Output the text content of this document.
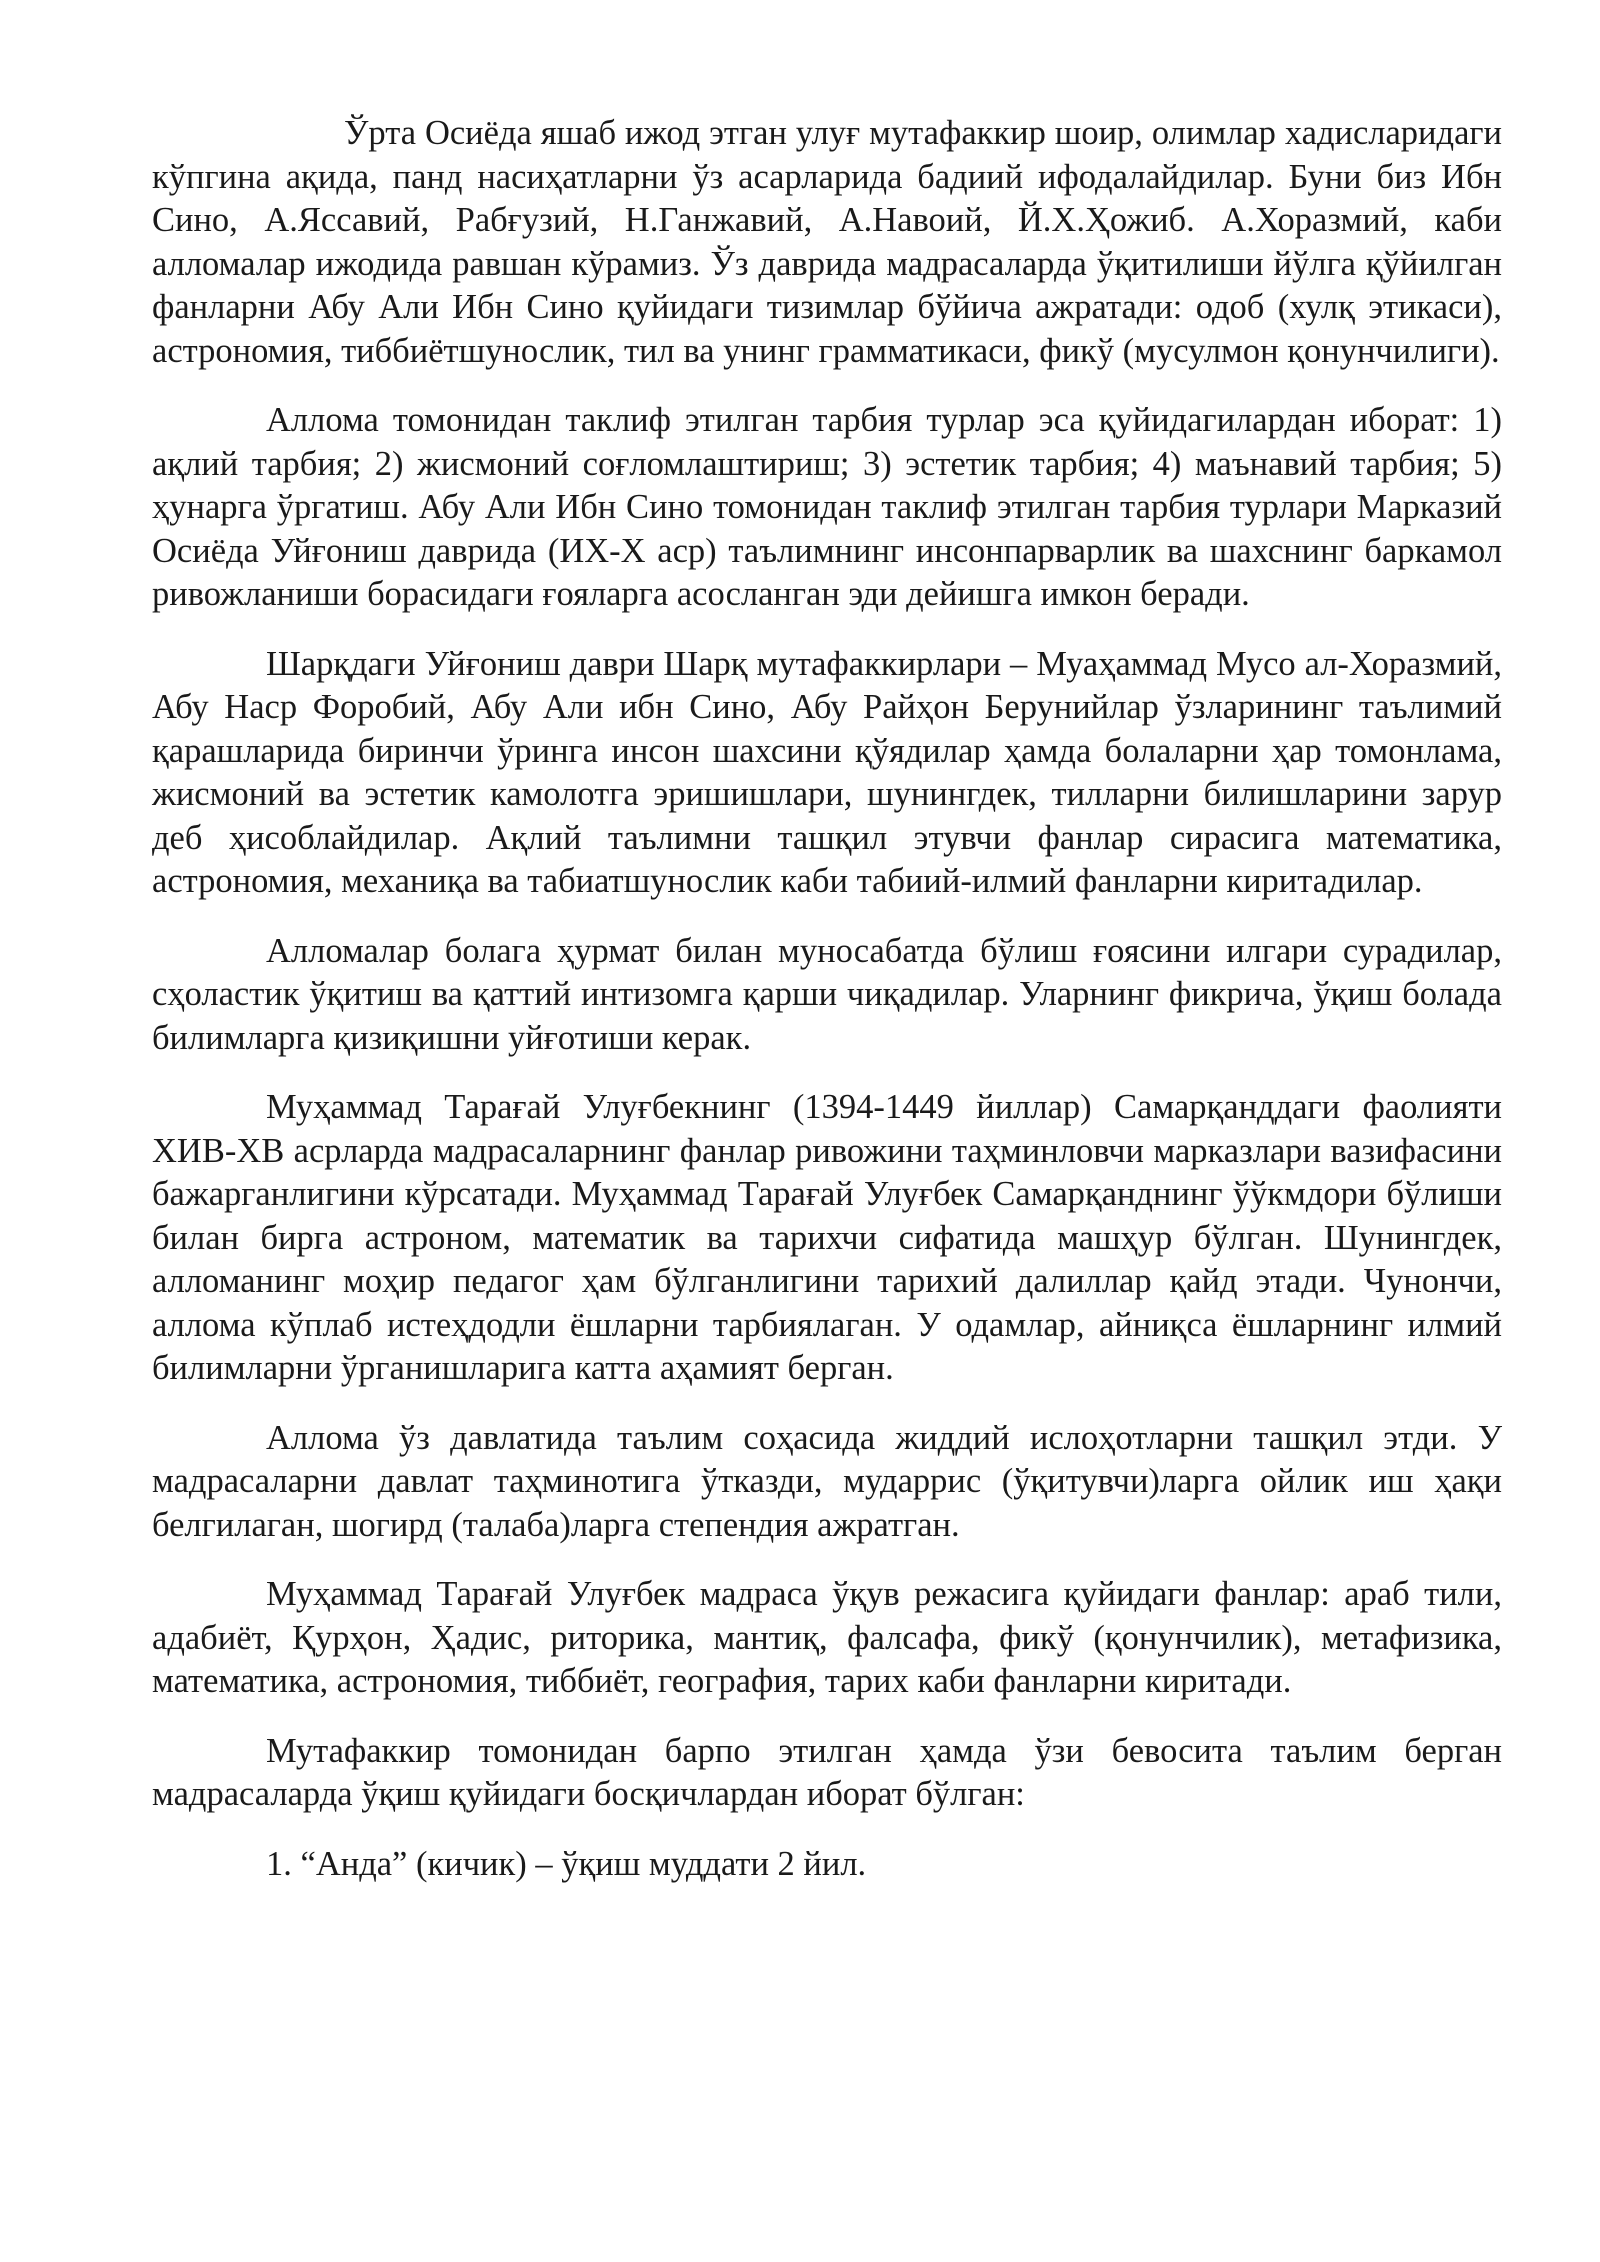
Ўрта Осиёда яшаб ижод этган улуғ мутафаккир шоир, олимлар хадисларидаги кўпгина ақида, панд насиҳатларни ўз асарларида бадиий ифодалайдилар. Буни биз Ибн Сино, А.Яссавий, Рабғузий, Н.Ганжавий, А.Навоий, Й.Х.Ҳожиб. А.Хоразмий, каби алломалар ижодида равшан кўрамиз. Ўз даврида мадрасаларда ўқитилиши йўлга қўйилган фанларни Абу Али Ибн Сино қуйидаги тизимлар бўйича ажратади: одоб (хулқ этикаси), астрономия, тиббиётшунослик, тил ва унинг грамматикаси, фикў (мусулмон қонунчилиги).

Аллома томонидан таклиф этилган тарбия турлар эса қуйидагилардан иборат: 1) ақлий тарбия; 2) жисмоний соғломлаштириш; 3) эстетик тарбия; 4) маънавий тарбия; 5) ҳунарга ўргатиш. Абу Али Ибн Сино томонидан таклиф этилган тарбия турлари Марказий Осиёда Уйғониш даврида (ИХ-Х аср) таълимнинг инсонпарварлик ва шахснинг баркамол ривожланиши борасидаги ғояларга асосланган эди дейишга имкон беради.

Шарқдаги Уйғониш даври Шарқ мутафаккирлари – Муаҳаммад Мусо ал-Хоразмий, Абу Наср Форобий, Абу Али ибн Сино, Абу Райҳон Берунийлар ўзларининг таълимий қарашларида биринчи ўринга инсон шахсини қўядилар ҳамда болаларни ҳар томонлама, жисмоний ва эстетик камолотга эришишлари, шунингдек, тилларни билишларини зарур деб ҳисоблайдилар. Ақлий таълимни ташқил этувчи фанлар сирасига математика, астрономия, механиқа ва табиатшунослик каби табиий-илмий фанларни киритадилар.

Алломалар болага ҳурмат билан муносабатда бўлиш ғоясини илгари сурадилар, сҳоластик ўқитиш ва қаттий интизомга қарши чиқадилар. Уларнинг фикрича, ўқиш болада билимларга қизиқишни уйғотиши керак.

Муҳаммад Тарағай Улуғбекнинг (1394-1449 йиллар) Самарқанддаги фаолияти ХИВ-ХВ асрларда мадрасаларнинг фанлар ривожини таҳминловчи марказлари вазифасини бажарганлигини кўрсатади. Муҳаммад Тарағай Улуғбек Самарқанднинг ўўкмдори бўлиши билан бирга астроном, математик ва тарихчи сифатида машҳур бўлган. Шунингдек, алломанинг моҳир педагог ҳам бўлганлигини тарихий далиллар қайд этади. Чунончи, аллома кўплаб истеҳдодли ёшларни тарбиялаган. У одамлар, айниқса ёшларнинг илмий билимларни ўрганишларига катта аҳамият берган.

Аллома ўз давлатида таълим соҳасида жиддий ислоҳотларни ташқил этди. У мадрасаларни давлат таҳминотига ўтказди, мударрис (ўқитувчи)ларга ойлик иш ҳақи белгилаган, шогирд (талаба)ларга степендия ажратган.

Муҳаммад Тарағай Улуғбек мадраса ўқув режасига қуйидаги фанлар: араб тили, адабиёт, Қурҳон, Ҳадис, риторика, мантиқ, фалсафа, фикў (қонунчилик), метафизика, математика, астрономия, тиббиёт, география, тарих каби фанларни киритади.

Мутафаккир томонидан барпо этилган ҳамда ўзи бевосита таълим берган мадрасаларда ўқиш қуйидаги босқичлардан иборат бўлган:

1. “Анда” (кичик) – ўқиш муддати 2 йил.
